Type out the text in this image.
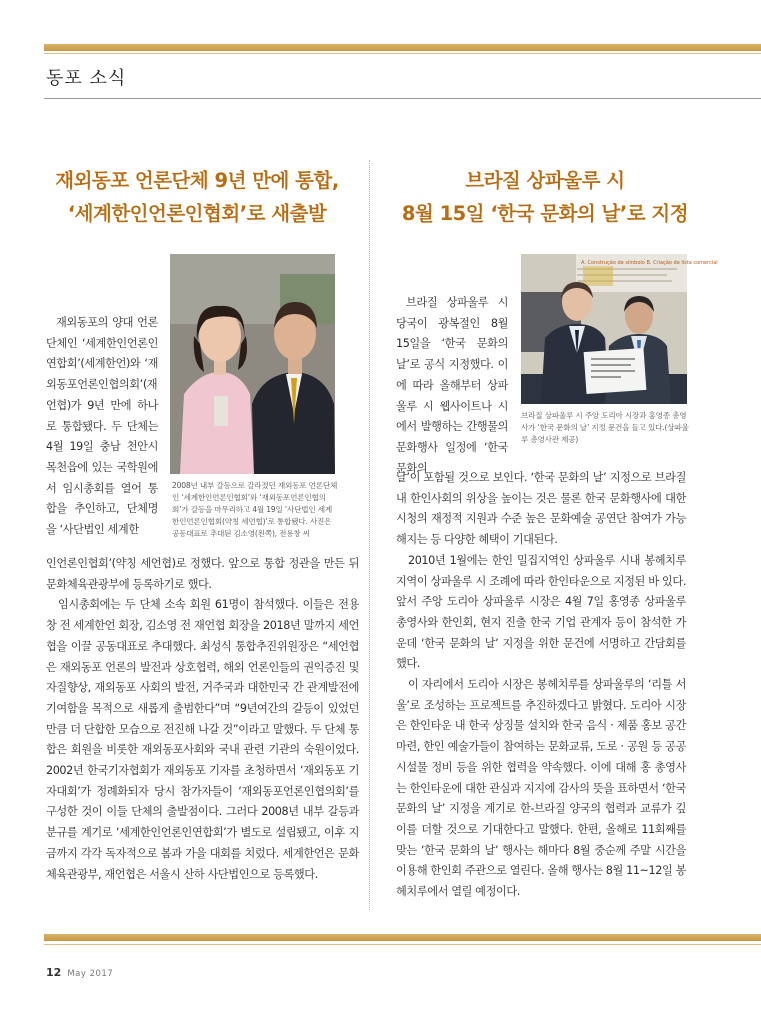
동포 소식
재외동포 언론단체 9년 만에 통합,
‘세계한인언론인협회’로 새출발
브라질 상파울루 시
8월 15일 ‘한국 문화의 날’로 지정
2008년 내부 갈등으로 갈라졌던 재외동포 언론단체인 ‘세계한인언론인협회’와 ‘재외동포언론인협의회’가 갈등을 마무리하고 4월 19일 ‘사단법인 세계한인언론인협회(약칭 세언협)’로 통합됐다. 사진은 공동대표로 추대된 김소영(왼쪽), 전용창 씨
A. Construção de símbolo B. Criação de lista comercial
브라질 상파울루 시 주앙 도리아 시장과 홍영종 총영사가 ‘한국 문화의 날’ 지정 문건을 들고 있다.(상파울루 총영사관 제공)

재외동포의 양대 언론단체인 ‘세계한인언론인연합회’(세계한언)와 ‘재외동포언론인협의회’(재언협)가 9년 만에 하나로 통합됐다. 두 단체는 4월 19일 충남 천안시 목천읍에 있는 국학원에서 임시총회를 열어 통합을 추인하고, 단체명을 ‘사단법인 세계한

인언론인협회’(약칭 세언협)로 정했다. 앞으로 통합 정관을 만든 뒤 문화체육관광부에 등록하기로 했다.

임시총회에는 두 단체 소속 회원 61명이 참석했다. 이들은 전용창 전 세계한언 회장, 김소영 전 재언협 회장을 2018년 말까지 세언협을 이끌 공동대표로 추대했다. 최성식 통합추진위원장은 “세언협은 재외동포 언론의 발전과 상호협력, 해외 언론인들의 권익증진 및 자질향상, 재외동포 사회의 발전, 거주국과 대한민국 간 관계발전에 기여함을 목적으로 새롭게 출범한다”며 “9년여간의 갈등이 있었던 만큼 더 단합한 모습으로 전진해 나갈 것”이라고 말했다. 두 단체 통합은 회원을 비롯한 재외동포사회와 국내 관련 기관의 숙원이었다. 2002년 한국기자협회가 재외동포 기자를 초청하면서 ‘재외동포 기자대회’가 정례화되자 당시 참가자들이 ‘재외동포언론인협의회’를 구성한 것이 이들 단체의 출발점이다. 그러다 2008년 내부 갈등과 분규를 계기로 ‘세계한인언론인연합회’가 별도로 설립됐고, 이후 지금까지 각각 독자적으로 봄과 가을 대회를 치렀다. 세계한언은 문화체육관광부, 재언협은 서울시 산하 사단법인으로 등록했다.

브라질 상파울루 시 당국이 광복절인 8월 15일을 ‘한국 문화의 날’로 공식 지정했다. 이에 따라 올해부터 상파울루 시 웹사이트나 시에서 발행하는 간행물의 문화행사 일정에 ‘한국 문화의

날’이 포함될 것으로 보인다. ‘한국 문화의 날’ 지정으로 브라질 내 한인사회의 위상을 높이는 것은 물론 한국 문화행사에 대한 시청의 재정적 지원과 수준 높은 문화예술 공연단 참여가 가능해지는 등 다양한 혜택이 기대된다.

2010년 1월에는 한인 밀집지역인 상파울루 시내 봉헤치루 지역이 상파울루 시 조례에 따라 한인타운으로 지정된 바 있다. 앞서 주앙 도리아 상파울루 시장은 4월 7일 홍영종 상파울루 총영사와 한인회, 현지 진출 한국 기업 관계자 등이 참석한 가운데 ‘한국 문화의 날’ 지정을 위한 문건에 서명하고 간담회를 했다.

이 자리에서 도리아 시장은 봉헤치루를 상파울루의 ‘리틀 서울’로 조성하는 프로젝트를 추진하겠다고 밝혔다. 도리아 시장은 한인타운 내 한국 상징물 설치와 한국 음식 · 제품 홍보 공간 마련, 한인 예술가들이 참여하는 문화교류, 도로 · 공원 등 공공시설물 정비 등을 위한 협력을 약속했다. 이에 대해 홍 총영사는 한인타운에 대한 관심과 지지에 감사의 뜻을 표하면서 ‘한국 문화의 날’ 지정을 계기로 한-브라질 양국의 협력과 교류가 깊이를 더할 것으로 기대한다고 말했다. 한편, 올해로 11회째를 맞는 ‘한국 문화의 날’ 행사는 해마다 8월 중순께 주말 시간을 이용해 한인회 주관으로 열린다. 올해 행사는 8월 11~12일 봉헤치루에서 열릴 예정이다.

12 May 2017
